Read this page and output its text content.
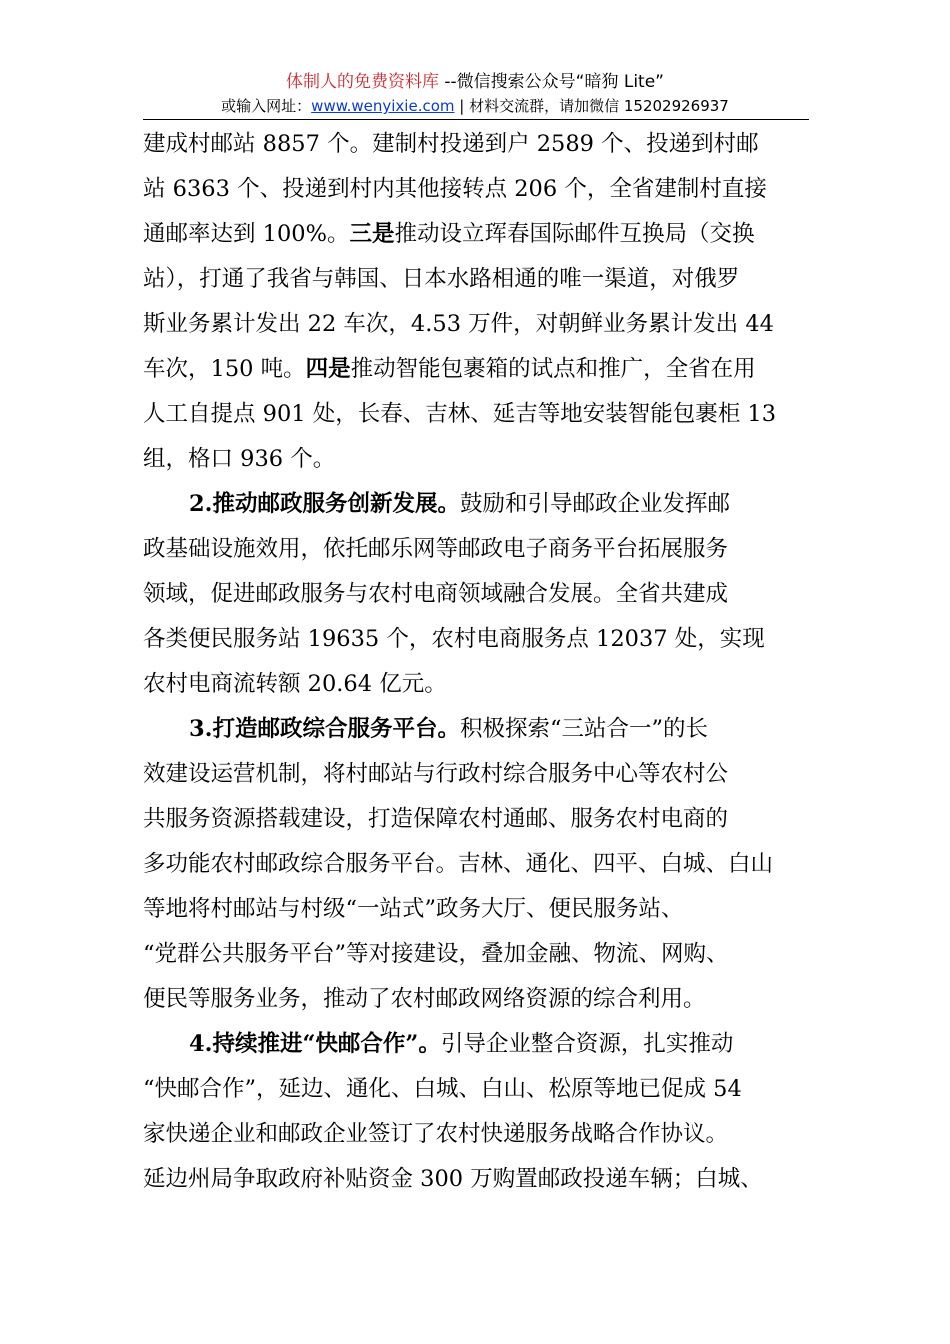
体制人的免费资料库 --微信搜索公众号“暗狗 Lite”
或输入网址：www.wenyixie.com | 材料交流群，请加微信 15202926937
建成村邮站 8857 个。建制村投递到户 2589 个、投递到村邮
站 6363 个、投递到村内其他接转点 206 个，全省建制村直接
通邮率达到 100%。三是推动设立珲春国际邮件互换局（交换
站），打通了我省与韩国、日本水路相通的唯一渠道，对俄罗
斯业务累计发出 22 车次，4.53 万件，对朝鲜业务累计发出 44
车次，150 吨。四是推动智能包裹箱的试点和推广，全省在用
人工自提点 901 处，长春、吉林、延吉等地安装智能包裹柜 13
组，格口 936 个。
2.推动邮政服务创新发展。鼓励和引导邮政企业发挥邮
政基础设施效用，依托邮乐网等邮政电子商务平台拓展服务
领域，促进邮政服务与农村电商领域融合发展。全省共建成
各类便民服务站 19635 个，农村电商服务点 12037 处，实现
农村电商流转额 20.64 亿元。
3.打造邮政综合服务平台。积极探索“三站合一”的长
效建设运营机制，将村邮站与行政村综合服务中心等农村公
共服务资源搭载建设，打造保障农村通邮、服务农村电商的
多功能农村邮政综合服务平台。吉林、通化、四平、白城、白山
等地将村邮站与村级“一站式”政务大厅、便民服务站、
“党群公共服务平台”等对接建设，叠加金融、物流、网购、
便民等服务业务，推动了农村邮政网络资源的综合利用。
4.持续推进“快邮合作”。引导企业整合资源，扎实推动
“快邮合作”，延边、通化、白城、白山、松原等地已促成 54
家快递企业和邮政企业签订了农村快递服务战略合作协议。
延边州局争取政府补贴资金 300 万购置邮政投递车辆；白城、
